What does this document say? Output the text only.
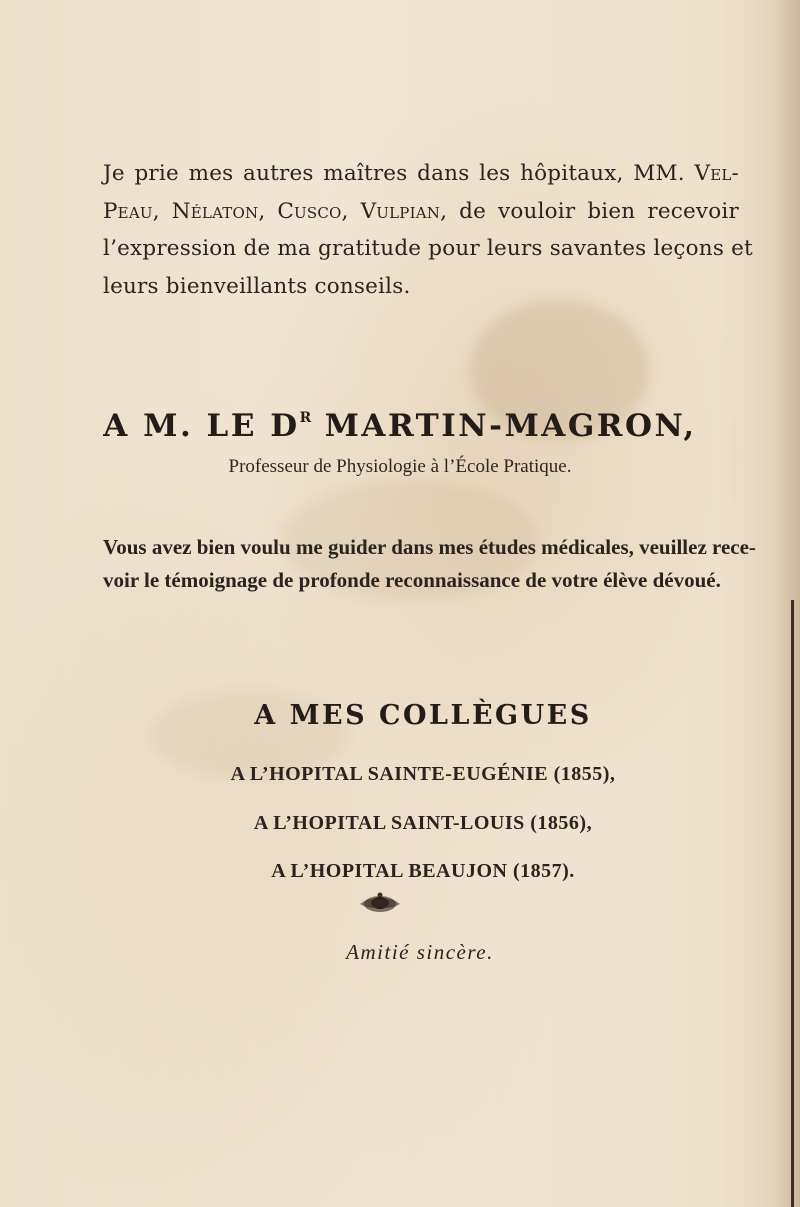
Je prie mes autres maîtres dans les hôpitaux, MM. Vel-
Peau, Nélaton, Cusco, Vulpian, de vouloir bien recevoir
l’expression de ma gratitude pour leurs savantes leçons et
leurs bienveillants conseils.
A M. LE $D^R$ MARTIN-MAGRON,
Professeur de Physiologie à l’École Pratique.
Vous avez bien voulu me guider dans mes études médicales, veuillez rece-
voir le témoignage de profonde reconnaissance de votre élève dévoué.
A MES COLLÈGUES
A L’HOPITAL SAINTE-EUGÉNIE (1855),
A L’HOPITAL SAINT-LOUIS (1856),
A L’HOPITAL BEAUJON (1857).
Amitié sincère.
